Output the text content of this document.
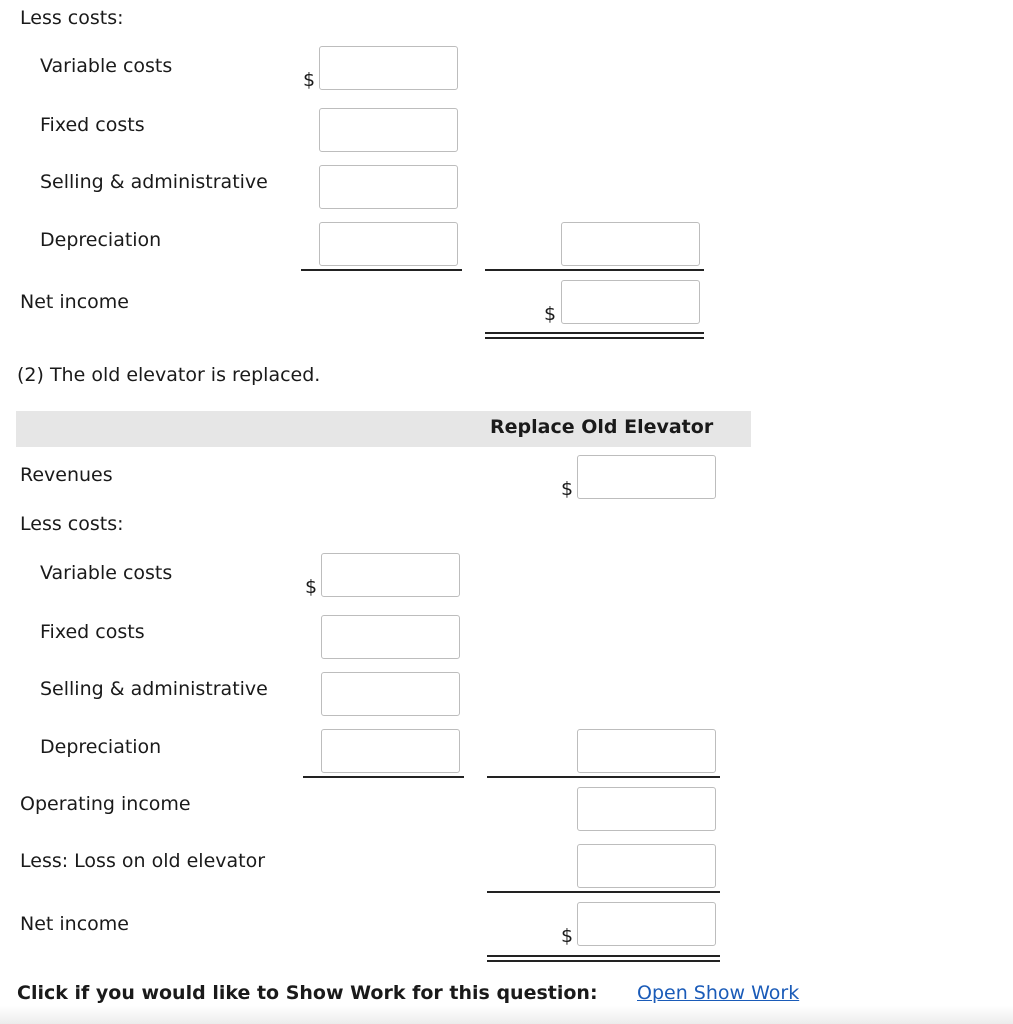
Less costs:
Variable costs
$
Fixed costs
Selling & administrative
Depreciation
Net income
$
(2) The old elevator is replaced.
Replace Old Elevator
Revenues
$
Less costs:
Variable costs
$
Fixed costs
Selling & administrative
Depreciation
Operating income
Less: Loss on old elevator
Net income
$
Click if you would like to Show Work for this question: Open Show Work
